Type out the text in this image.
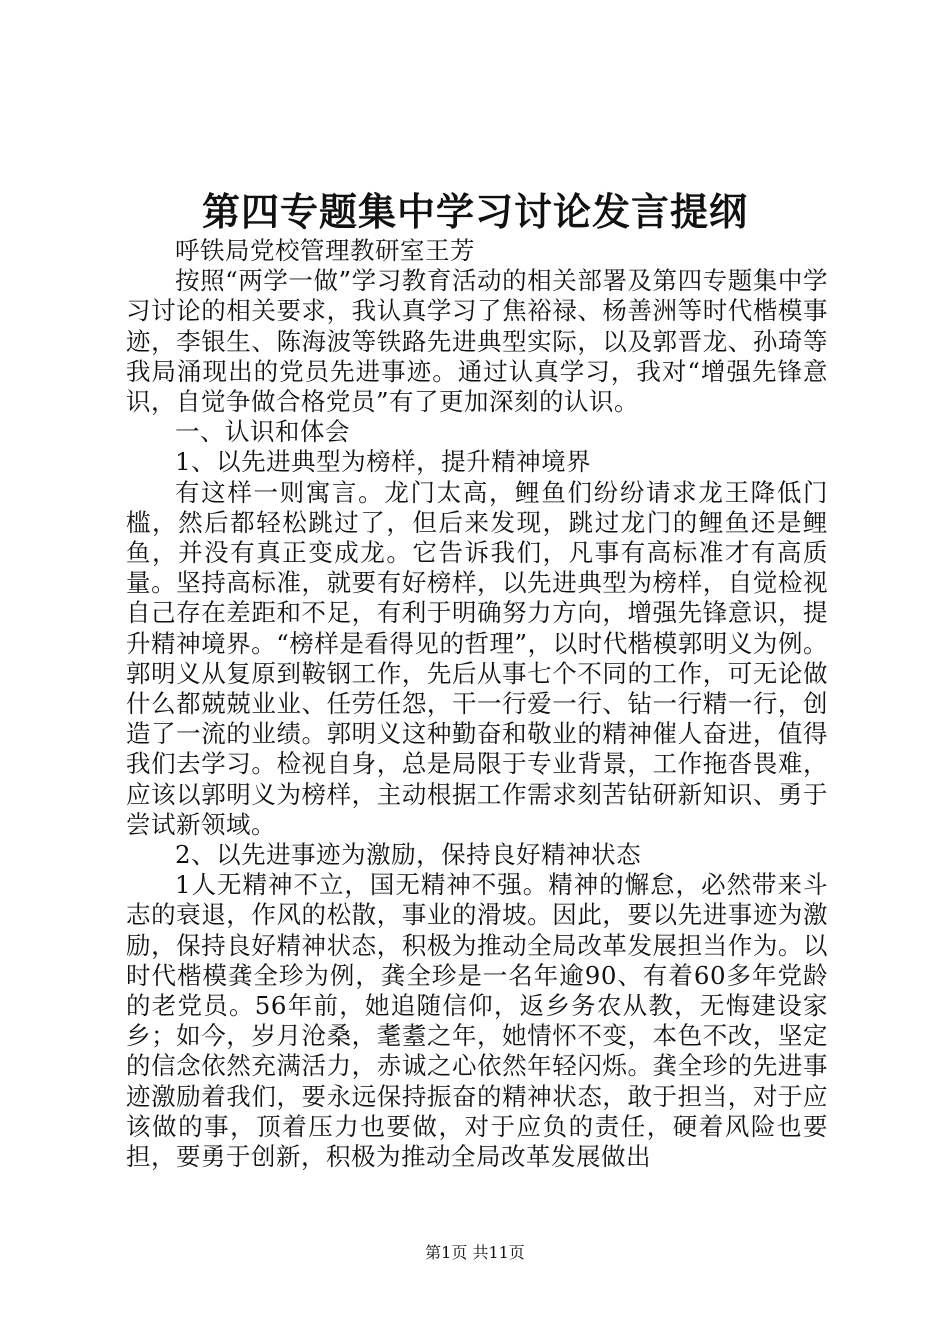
第四专题集中学习讨论发言提纲

呼铁局党校管理教研室王芳

按照“两学一做”学习教育活动的相关部署及第四专题集中学习讨论的相关要求，我认真学习了焦裕禄、杨善洲等时代楷模事迹，李银生、陈海波等铁路先进典型实际，以及郭晋龙、孙琦等我局涌现出的党员先进事迹。通过认真学习，我对“增强先锋意识，自觉争做合格党员”有了更加深刻的认识。

一、认识和体会

1、以先进典型为榜样，提升精神境界

有这样一则寓言。龙门太高，鲤鱼们纷纷请求龙王降低门槛，然后都轻松跳过了，但后来发现，跳过龙门的鲤鱼还是鲤鱼，并没有真正变成龙。它告诉我们，凡事有高标准才有高质量。坚持高标准，就要有好榜样，以先进典型为榜样，自觉检视自己存在差距和不足，有利于明确努力方向，增强先锋意识，提升精神境界。“榜样是看得见的哲理”，以时代楷模郭明义为例。郭明义从复原到鞍钢工作，先后从事七个不同的工作，可无论做什么都兢兢业业、任劳任怨，干一行爱一行、钻一行精一行，创造了一流的业绩。郭明义这种勤奋和敬业的精神催人奋进，值得我们去学习。检视自身，总是局限于专业背景，工作拖沓畏难，应该以郭明义为榜样，主动根据工作需求刻苦钻研新知识、勇于尝试新领域。

2、以先进事迹为激励，保持良好精神状态

1人无精神不立，国无精神不强。精神的懈怠，必然带来斗志的衰退，作风的松散，事业的滑坡。因此，要以先进事迹为激励，保持良好精神状态，积极为推动全局改革发展担当作为。以时代楷模龚全珍为例，龚全珍是一名年逾90、有着60多年党龄的老党员。56年前，她追随信仰，返乡务农从教，无悔建设家乡；如今，岁月沧桑，耄耋之年，她情怀不变，本色不改，坚定的信念依然充满活力，赤诚之心依然年轻闪烁。龚全珍的先进事迹激励着我们，要永远保持振奋的精神状态，敢于担当，对于应该做的事，顶着压力也要做，对于应负的责任，硬着风险也要担，要勇于创新，积极为推动全局改革发展做出

第1页 共11页
